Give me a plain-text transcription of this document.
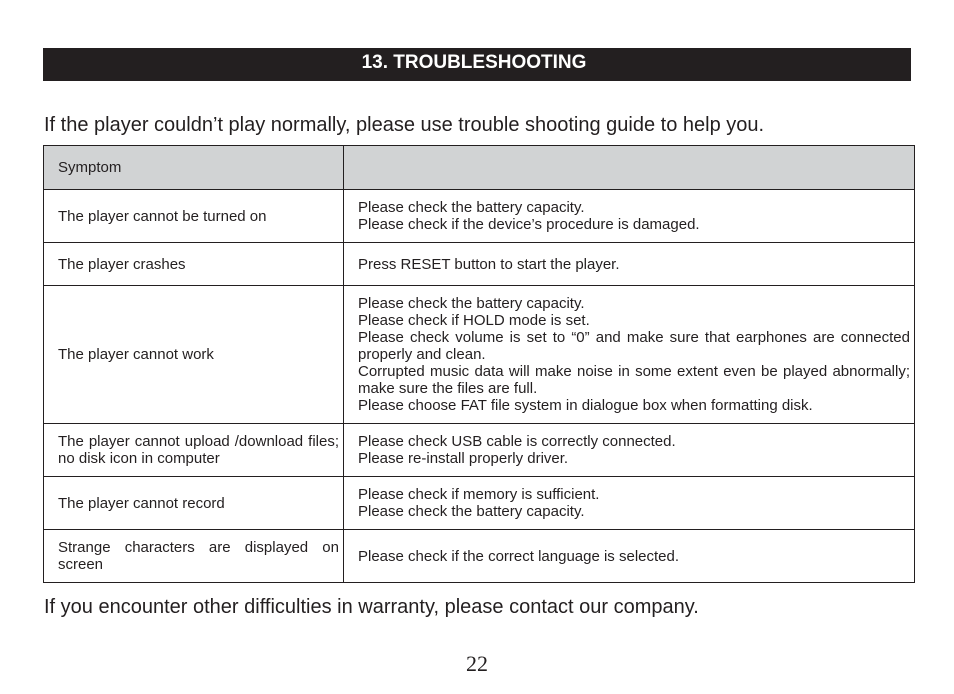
13. TROUBLESHOOTING
If the player couldn’t play normally, please use trouble shooting guide to help you.
Symptom	
The player cannot be turned on	Please check the battery capacity.
Please check if the device’s procedure is damaged.

The player crashes	Press RESET button to start the player.

The player cannot work	Please check the battery capacity.
Please check if HOLD mode is set.
Please check volume is set to “0” and make sure that earphones are connected properly and clean.
Corrupted music data will make noise in some extent even be played abnormally; make sure the files are full.
Please choose FAT file system in dialogue box when formatting disk.

The player cannot upload /download files; no disk icon in computer	Please check USB cable is correctly connected.
Please re-install properly driver.

The player cannot record	Please check if memory is sufficient.
Please check the battery capacity.

Strange characters are displayed on screen	Please check if the correct language is selected.
If you encounter other difficulties in warranty, please contact our company.
22
